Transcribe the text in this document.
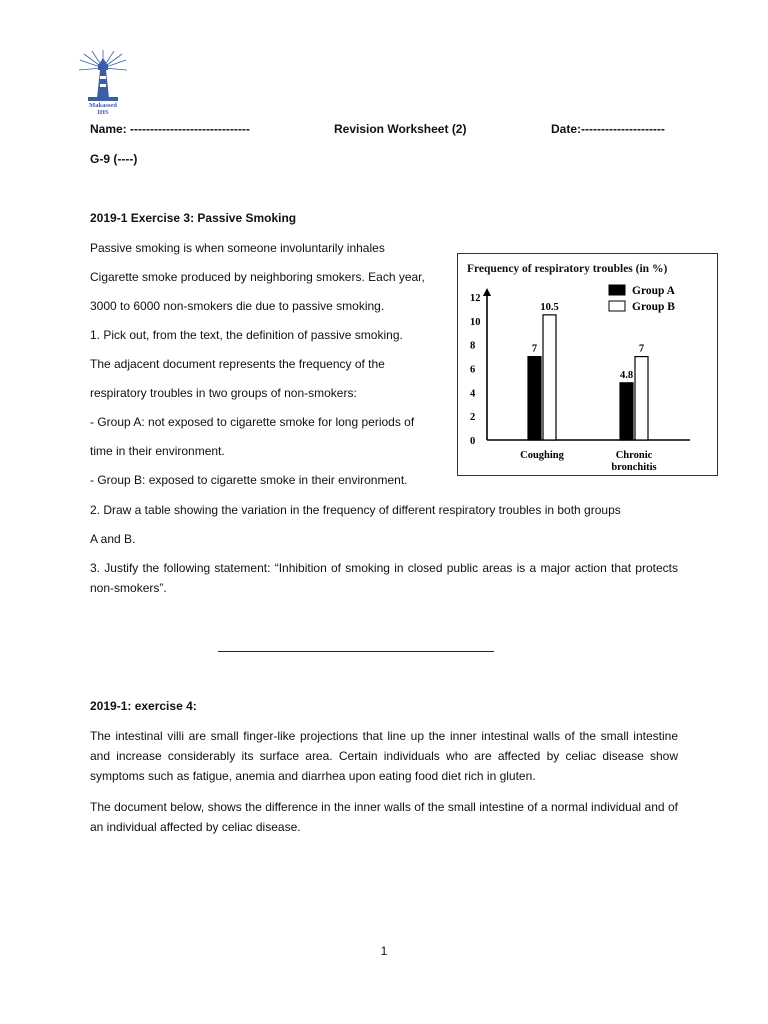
Makassed
IHS
Name: ------------------------------	Revision Worksheet (2)	Date:---------------------
G-9 (----)
2019-1 Exercise 3: Passive Smoking
Passive smoking is when someone involuntarily inhales
Cigarette smoke produced by neighboring smokers. Each year,
3000 to 6000 non-smokers die due to passive smoking.
1. Pick out, from the text, the definition of passive smoking.
The adjacent document represents the frequency of the
respiratory troubles in two groups of non-smokers:
- Group A: not exposed to cigarette smoke for long periods of
time in their environment.
- Group B: exposed to cigarette smoke in their environment.
2. Draw a table showing the variation in the frequency of different respiratory troubles in both groups
A and B.
3. Justify the following statement: “Inhibition of smoking in closed public areas is a major action that protects non-smokers”.
Frequency of respiratory troubles (in %)
Group A
Group B
0
2
4
6
8
10
12
7
10.5
4.8
7
Coughing	Chronic
bronchitis
2019-1: exercise 4:
The intestinal villi are small finger-like projections that line up the inner intestinal walls of the small intestine and increase considerably its surface area. Certain individuals who are affected by celiac disease show symptoms such as fatigue, anemia and diarrhea upon eating food diet rich in gluten.
The document below, shows the difference in the inner walls of the small intestine of a normal individual and of an individual affected by celiac disease.
1
